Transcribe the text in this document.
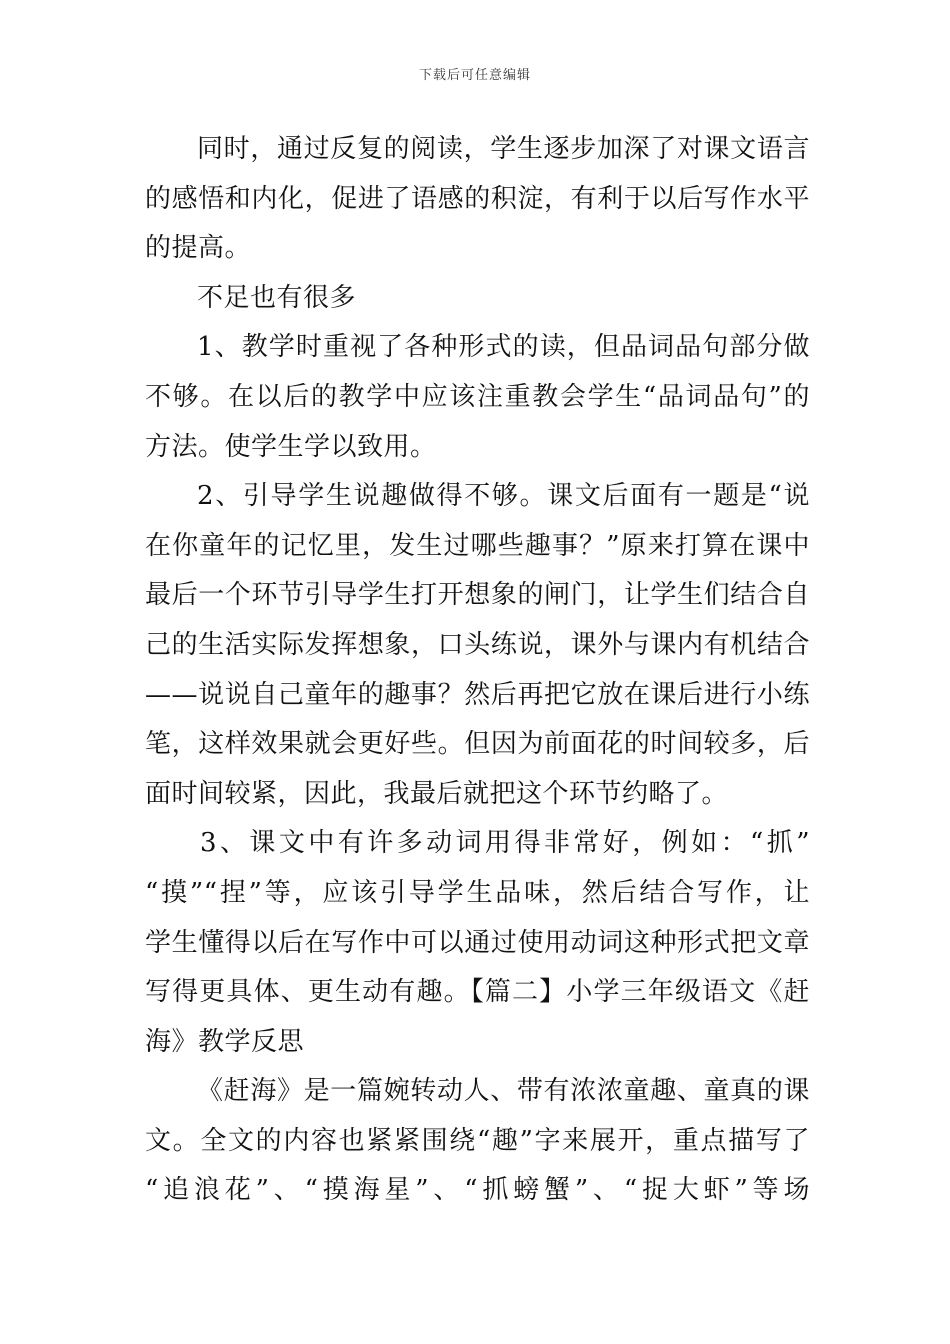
下载后可任意编辑
同时，通过反复的阅读，学生逐步加深了对课文语言
的感悟和内化，促进了语感的积淀，有利于以后写作水平
的提高。
不足也有很多
1、教学时重视了各种形式的读，但品词品句部分做
不够。在以后的教学中应该注重教会学生“品词品句”的
方法。使学生学以致用。
2、引导学生说趣做得不够。课文后面有一题是“说
在你童年的记忆里，发生过哪些趣事？”原来打算在课中
最后一个环节引导学生打开想象的闸门，让学生们结合自
己的生活实际发挥想象，口头练说，课外与课内有机结合
——说说自己童年的趣事？然后再把它放在课后进行小练
笔，这样效果就会更好些。但因为前面花的时间较多，后
面时间较紧，因此，我最后就把这个环节约略了。
3、课文中有许多动词用得非常好，例如：“抓”
“摸”“捏”等，应该引导学生品味，然后结合写作，让
学生懂得以后在写作中可以通过使用动词这种形式把文章
写得更具体、更生动有趣。【篇二】小学三年级语文《赶
海》教学反思
《赶海》是一篇婉转动人、带有浓浓童趣、童真的课
文。全文的内容也紧紧围绕“趣”字来展开，重点描写了
“追浪花”、“摸海星”、“抓螃蟹”、“捉大虾”等场
